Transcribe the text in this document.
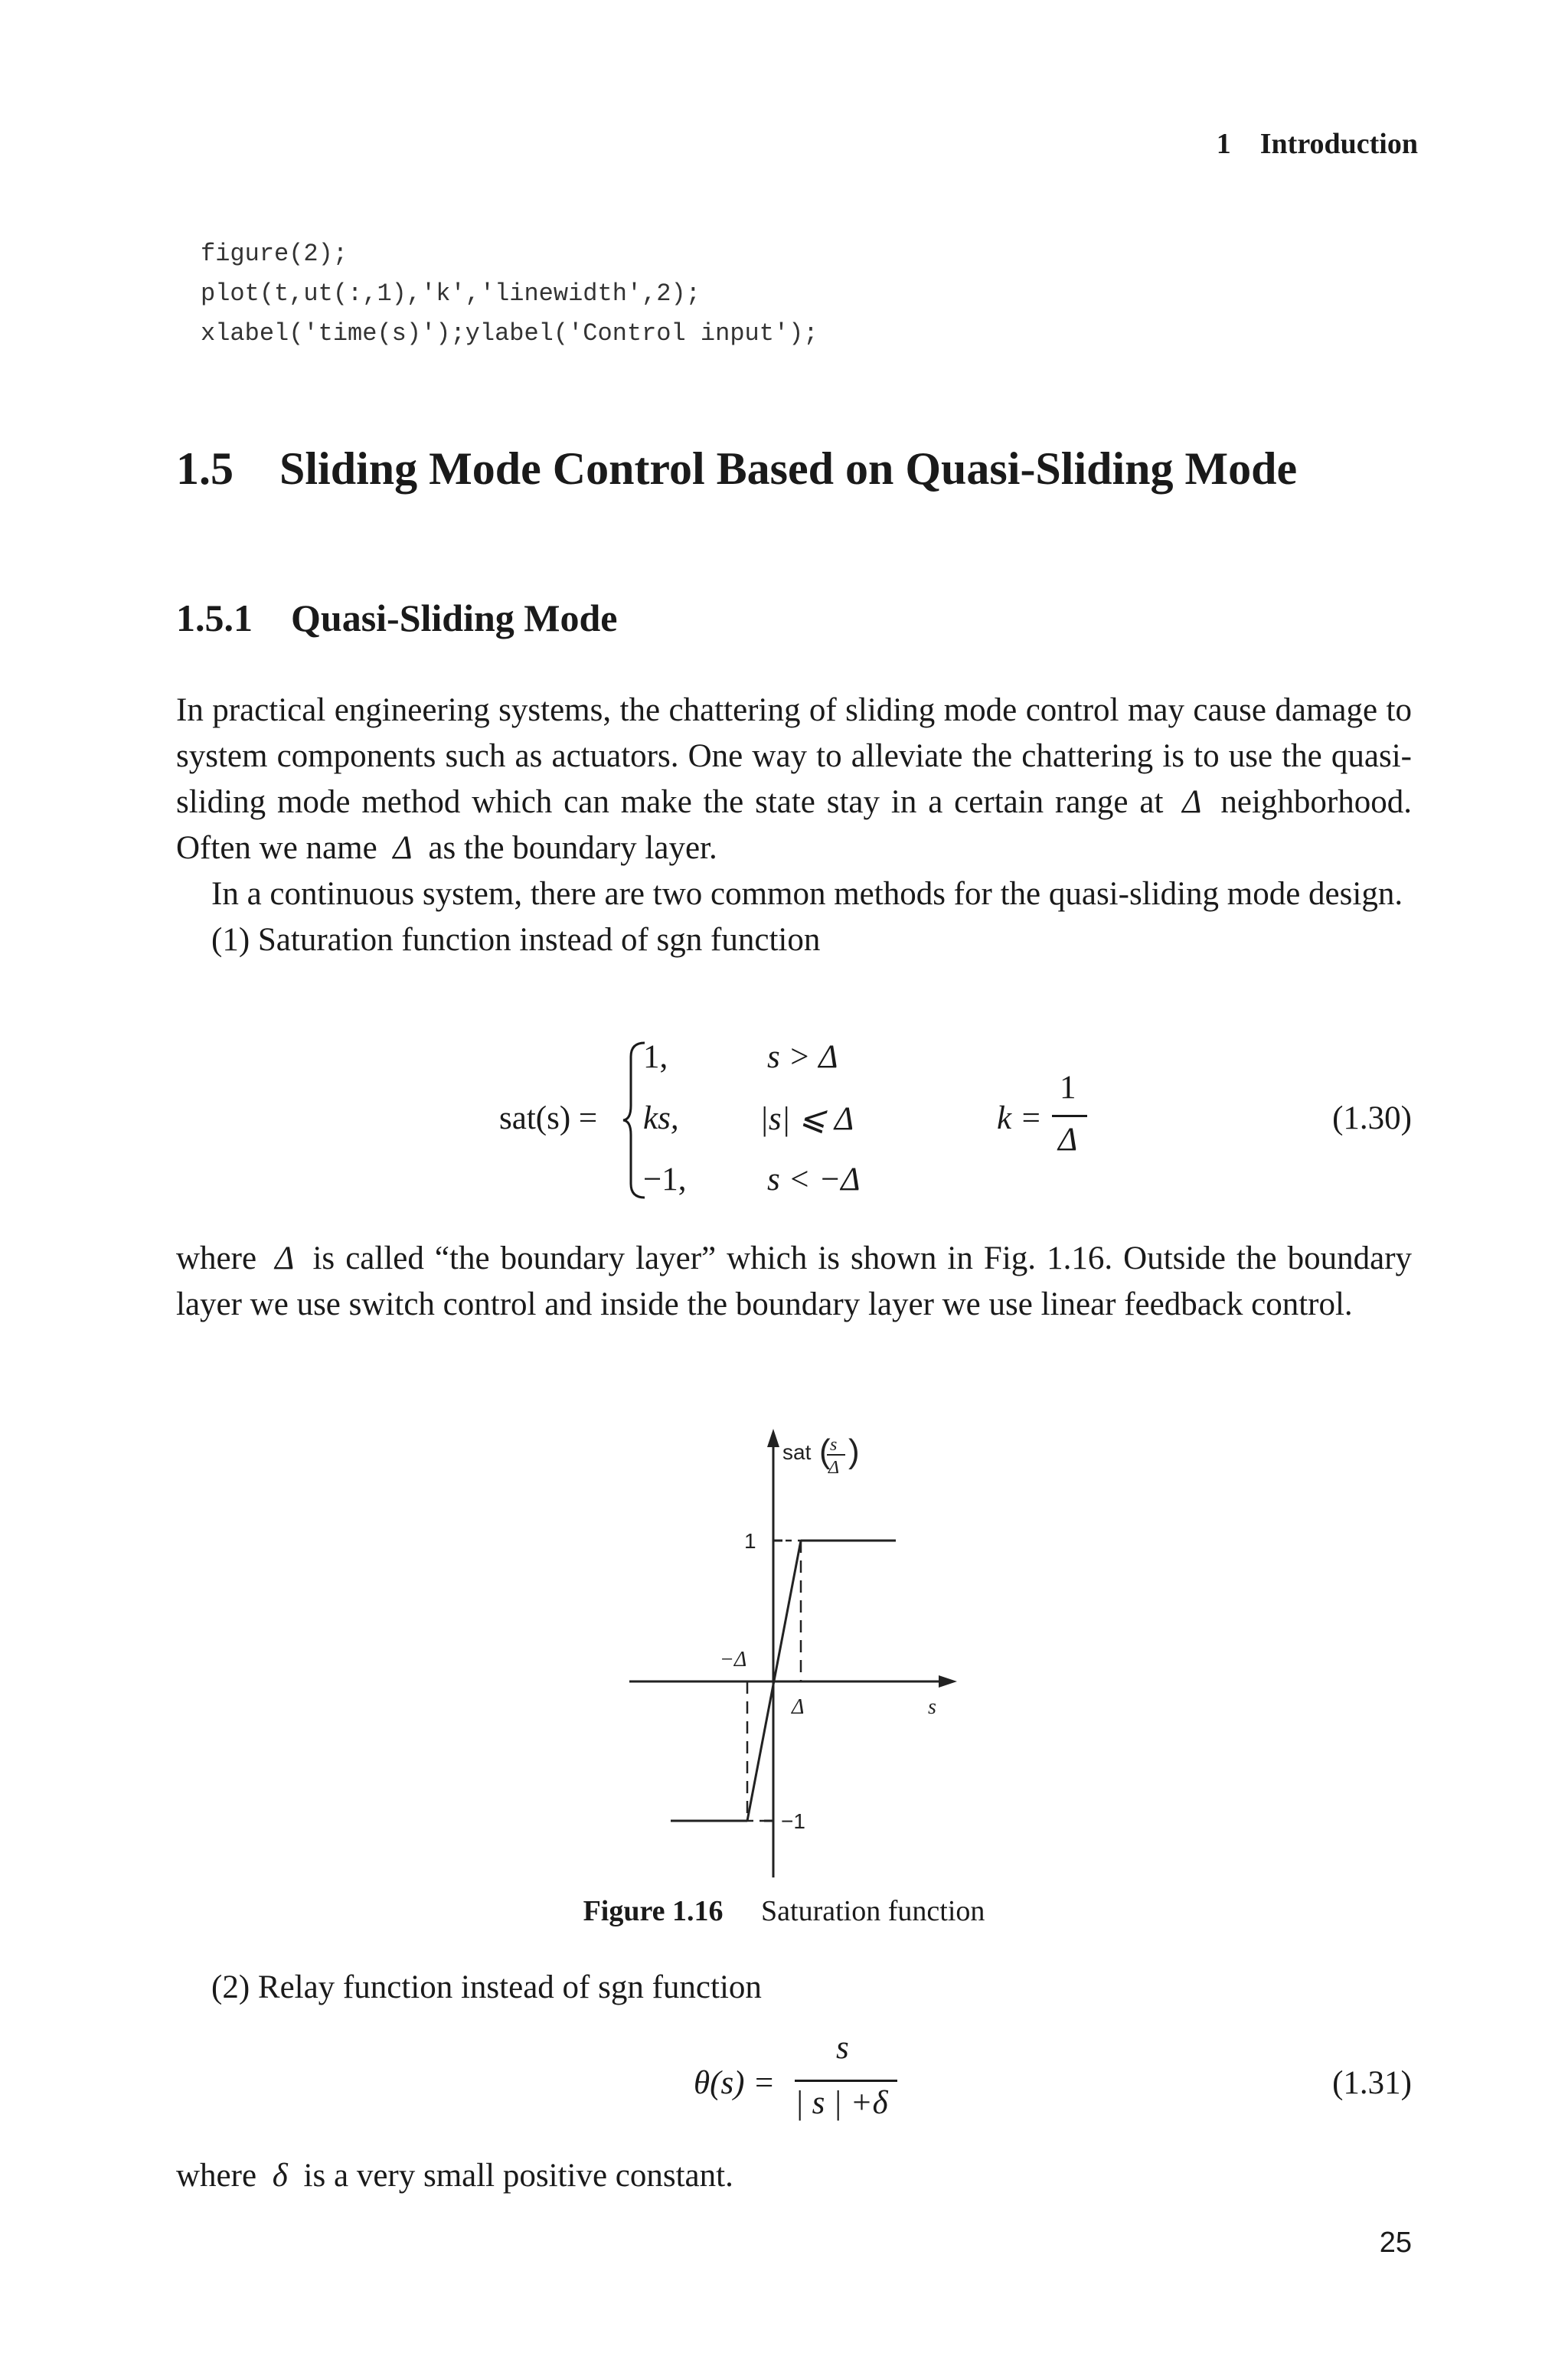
1    Introduction
figure(2);
plot(t,ut(:,1),'k','linewidth',2);
xlabel('time(s)');ylabel('Control input');
1.5    Sliding Mode Control Based on Quasi-Sliding Mode
1.5.1    Quasi-Sliding Mode

In practical engineering systems, the chattering of sliding mode control may cause damage to system components such as actuators. One way to alleviate the chattering is to use the quasi-sliding mode method which can make the state stay in a certain range at Δ neighborhood. Often we name Δ as the boundary layer.

In a continuous system, there are two common methods for the quasi-sliding mode design.

(1) Saturation function instead of sgn function

sat(s) =
1,	s > Δ
ks, |s| ⩽ Δ
−1, s < −Δ
k =
1
Δ
(1.30)

where Δ is called “the boundary layer” which is shown in Fig. 1.16. Outside the boundary layer we use switch control and inside the boundary layer we use linear feedback control.

sat ( s
Δ )
1
−1
Δ
−Δ
s
Figure 1.16 Saturation function
(2) Relay function instead of sgn function
θ(s) =
s
| s | +δ
(1.31)

where δ is a very small positive constant.

25
